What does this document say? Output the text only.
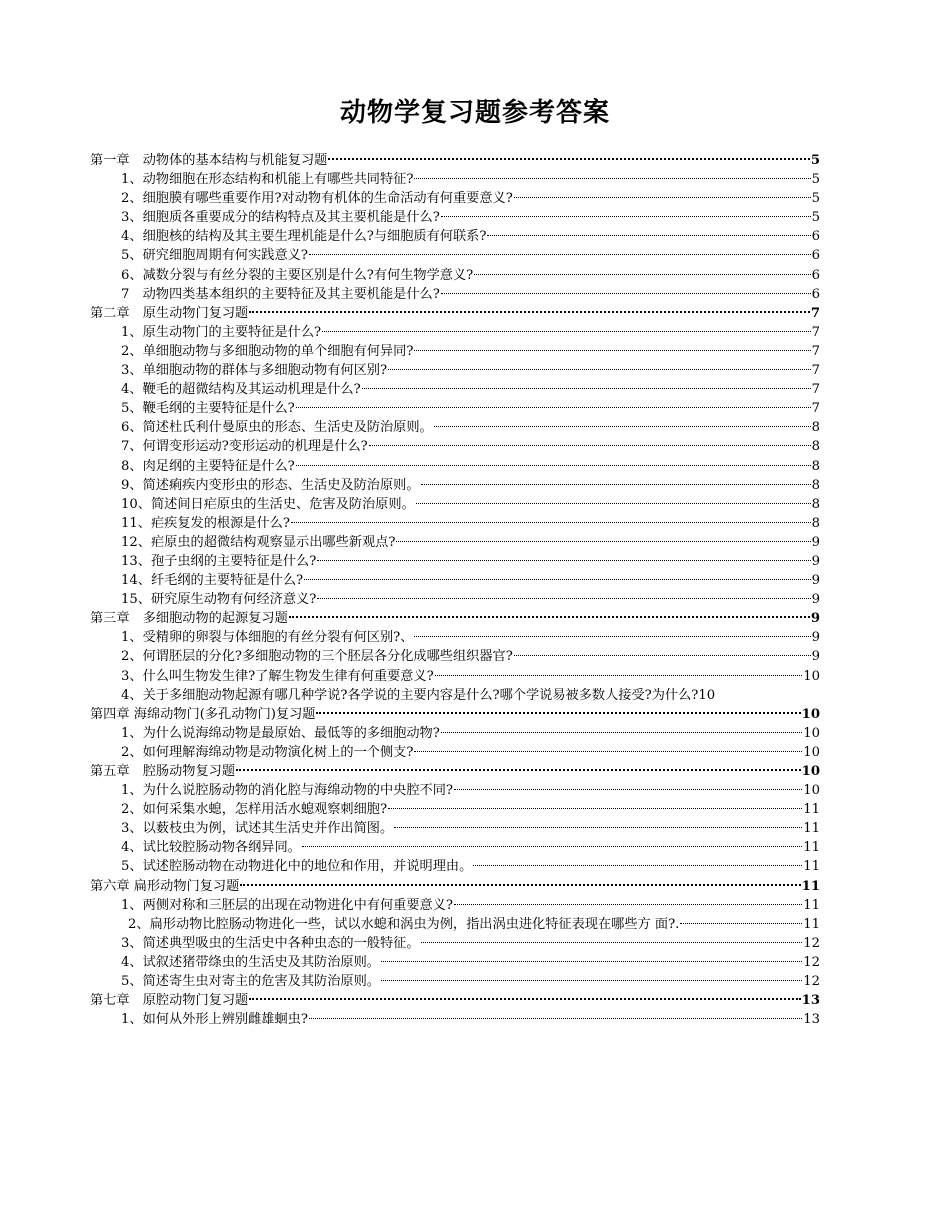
动物学复习题参考答案
第一章　动物体的基本结构与机能复习题	5
1、动物细胞在形态结构和机能上有哪些共同特征?	5
2、细胞膜有哪些重要作用?对动物有机体的生命活动有何重要意义?	5
3、细胞质各重要成分的结构特点及其主要机能是什么?	5
4、细胞核的结构及其主要生理机能是什么?与细胞质有何联系?	6
5、研究细胞周期有何实践意义?	6
6、减数分裂与有丝分裂的主要区别是什么?有何生物学意义?	6
7　动物四类基本组织的主要特征及其主要机能是什么?	6
第二章　原生动物门复习题	7
1、原生动物门的主要特征是什么?	7
2、单细胞动物与多细胞动物的单个细胞有何异同?	7
3、单细胞动物的群体与多细胞动物有何区别?	7
4、鞭毛的超微结构及其运动机理是什么?	7
5、鞭毛纲的主要特征是什么?	7
6、简述杜氏利什曼原虫的形态、生活史及防治原则。	8
7、何谓变形运动?变形运动的机理是什么?	8
8、肉足纲的主要特征是什么?	8
9、简述痢疾内变形虫的形态、生活史及防治原则。	8
10、简述间日疟原虫的生活史、危害及防治原则。	8
11、疟疾复发的根源是什么?	8
12、疟原虫的超微结构观察显示出哪些新观点?	9
13、孢子虫纲的主要特征是什么?	9
14、纤毛纲的主要特征是什么?	9
15、研究原生动物有何经济意义?	9
第三章　多细胞动物的起源复习题	9
1、受精卵的卵裂与体细胞的有丝分裂有何区别?、	9
2、何谓胚层的分化?多细胞动物的三个胚层各分化成哪些组织器官?	9
3、什么叫生物发生律?了解生物发生律有何重要意义?	10
4、关于多细胞动物起源有哪几种学说?各学说的主要内容是什么?哪个学说易被多数人接受?为什么? 10
第四章 海绵动物门(多孔动物门)复习题	10
1、为什么说海绵动物是最原始、最低等的多细胞动物?	10
2、如何理解海绵动物是动物演化树上的一个侧支?	10
第五章　腔肠动物复习题	10
1、为什么说腔肠动物的消化腔与海绵动物的中央腔不同?	10
2、如何采集水螅，怎样用活水螅观察刺细胞?	11
3、以薮枝虫为例，试述其生活史并作出简图。	11
4、试比较腔肠动物各纲异同。	11
5、试述腔肠动物在动物进化中的地位和作用，并说明理由。	11
第六章 扁形动物门复习题	11
1、两侧对称和三胚层的出现在动物进化中有何重要意义?	11
2、扁形动物比腔肠动物进化一些，试以水螅和涡虫为例，指出涡虫进化特征表现在哪些方 面?.	11
3、简述典型吸虫的生活史中各种虫态的一般特征。	12
4、试叙述猪带绦虫的生活史及其防治原则。	12
5、简述寄生虫对寄主的危害及其防治原则。	12
第七章　原腔动物门复习题	13
1、如何从外形上辨别雌雄蛔虫?	13
